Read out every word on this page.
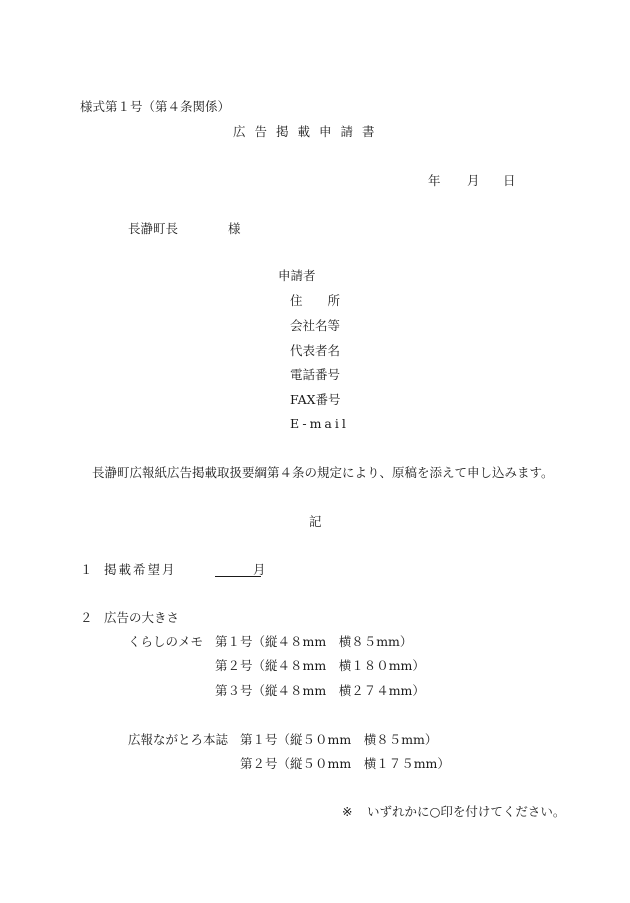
様式第１号（第４条関係）
広告掲載申請書
年 月 日
長瀞町長	様
申請者
住　　所
会社名等
代表者名
電話番号
FAX番号
E-mail
長瀞町広報紙広告掲載取扱要綱第４条の規定により、原稿を添えて申し込みます。
記
１ 掲載希望月	月
２ 広告の大きさ
くらしのメモ 第１号（縦４８mm　横８５mm）
第２号（縦４８mm　横１８０mm）
第３号（縦４８mm　横２７４mm）
広報ながとろ本誌 第１号（縦５０mm　横８５mm）
第２号（縦５０mm　横１７５mm）
※ いずれかに○印を付けてください。
